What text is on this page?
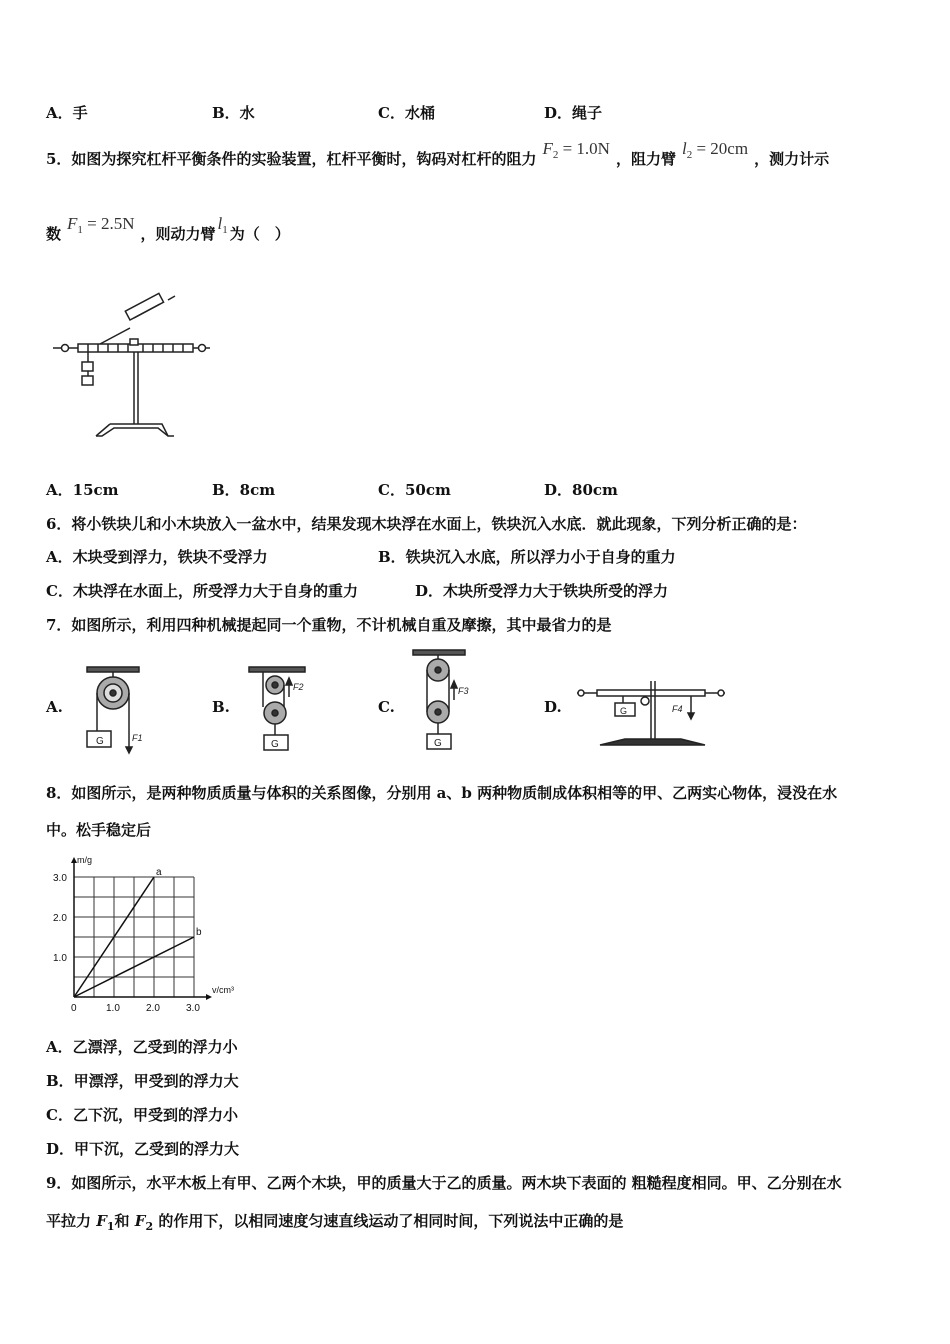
A．手	B．水	C．水桶	D．绳子
5．如图为探究杠杆平衡条件的实验装置，杠杆平衡时，钩码对杠杆的阻力$F_2 = 1.0N$，阻力臂$l_2 = 20cm$，测力计示
数$F_1 = 2.5N$，则动力臂$l_1$ 为（　）
A．15cm	B．8cm	C．50cm	D．80cm
6．将小铁块儿和小木块放入一盆水中，结果发现木块浮在水面上，铁块沉入水底．就此现象，下列分析正确的是：
A．木块受到浮力，铁块不受浮力	B．铁块沉入水底，所以浮力小于自身的重力
C．木块浮在水面上，所受浮力大于自身的重力	D．木块所受浮力大于铁块所受的浮力
7．如图所示，利用四种机械提起同一个重物，不计机械自重及摩擦，其中最省力的是
A.	B.	C.	D.
G	F1
G
F2
G
F3
G	F4
8．如图所示，是两种物质质量与体积的关系图像，分别用 a、b 两种物质制成体积相等的甲、乙两实心物体，浸没在水
中。松手稳定后
a
b
0	1.0	2.0	3.0
1.0
2.0
3.0
v/cm³
m/g
A．乙漂浮，乙受到的浮力小
B．甲漂浮，甲受到的浮力大
C．乙下沉，甲受到的浮力小
D．甲下沉，乙受到的浮力大
9．如图所示，水平木板上有甲、乙两个木块，甲的质量大于乙的质量。两木块下表面的 粗糙程度相同。甲、乙分别在水
平拉力 $F_1$和 $F_2$ 的作用下，以相同速度匀速直线运动了相同时间，下列说法中正确的是
